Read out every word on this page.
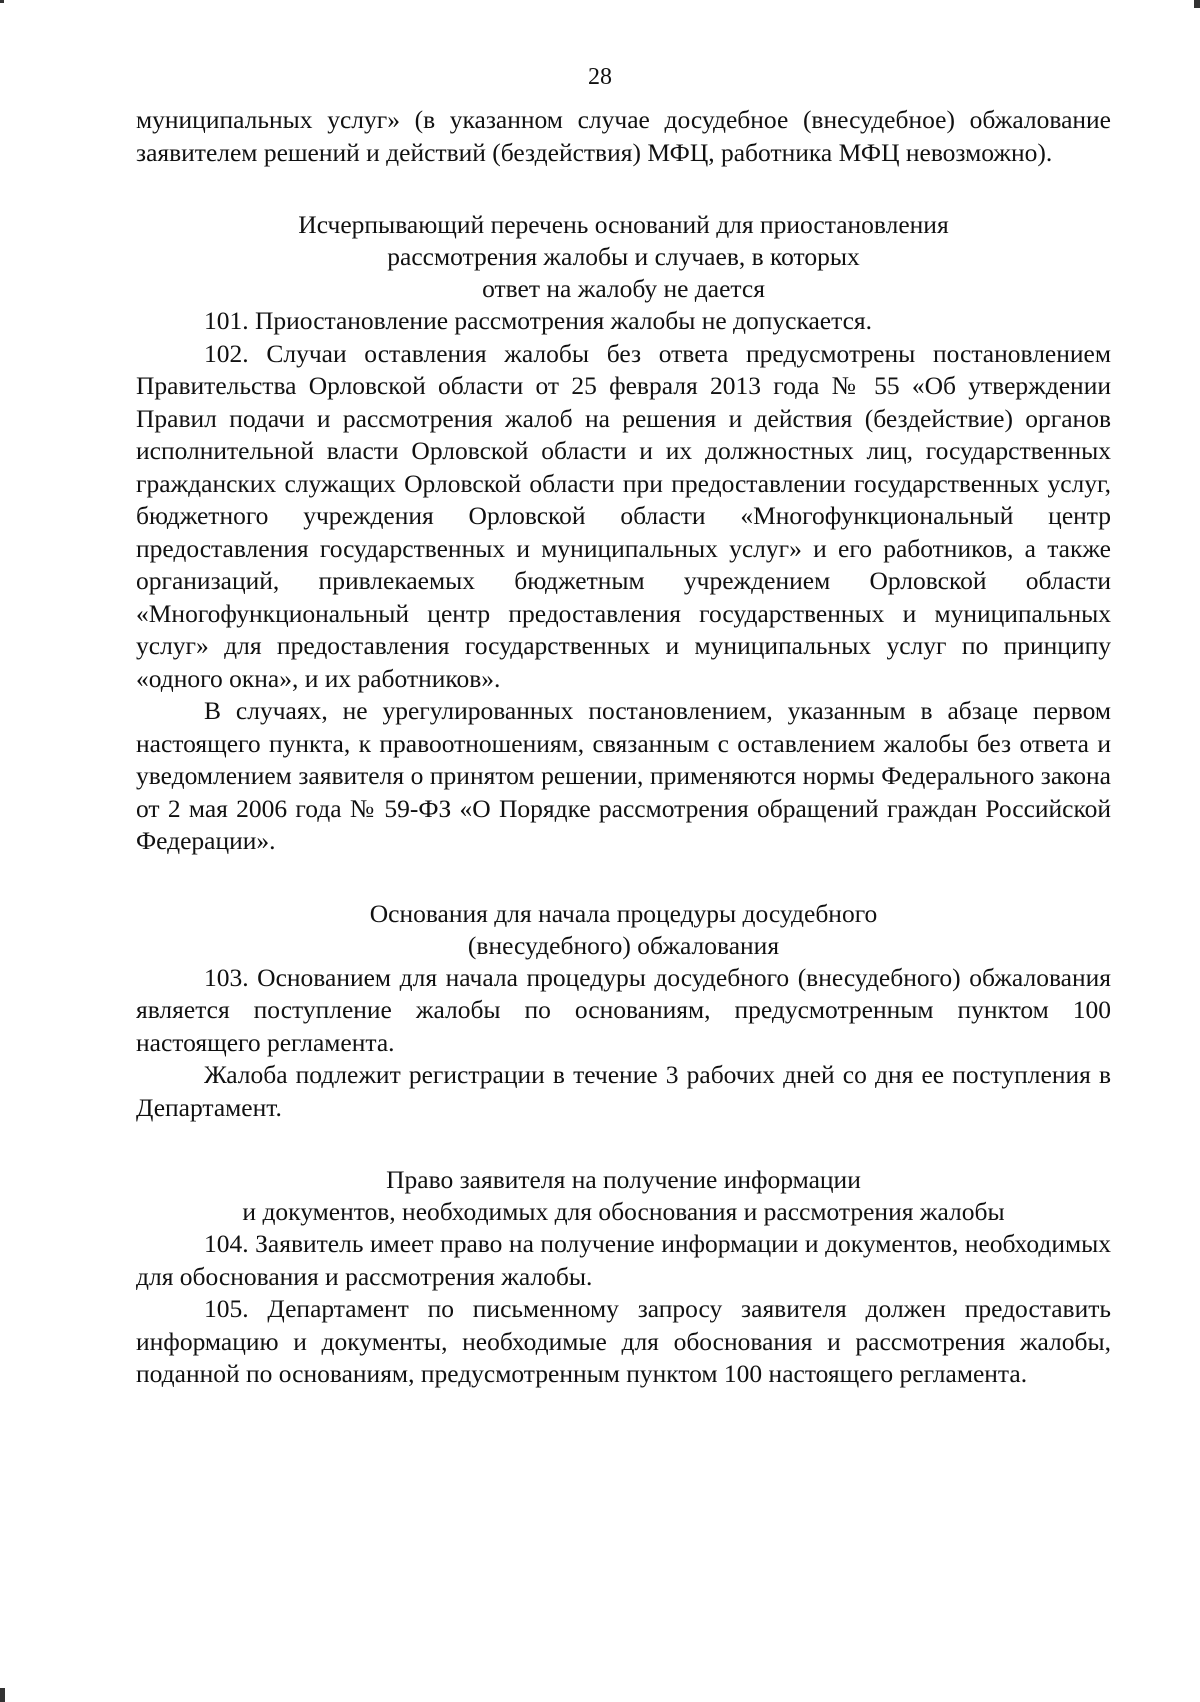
28

муниципальных услуг» (в указанном случае досудебное (внесудебное) обжалование заявителем решений и действий (бездействия) МФЦ, работника МФЦ невозможно).

Исчерпывающий перечень оснований для приостановления
рассмотрения жалобы и случаев, в которых
ответ на жалобу не дается

101. Приостановление рассмотрения жалобы не допускается.

102. Случаи оставления жалобы без ответа предусмотрены постановлением Правительства Орловской области от 25 февраля 2013 года № 55 «Об утверждении Правил подачи и рассмотрения жалоб на решения и действия (бездействие) органов исполнительной власти Орловской области и их должностных лиц, государственных гражданских служащих Орловской области при предоставлении государственных услуг, бюджетного учреждения Орловской области «Многофункциональный центр предоставления государственных и муниципальных услуг» и его работников, а также организаций, привлекаемых бюджетным учреждением Орловской области «Многофункциональный центр предоставления государственных и муниципальных услуг» для предоставления государственных и муниципальных услуг по принципу «одного окна», и их работников».

В случаях, не урегулированных постановлением, указанным в абзаце первом настоящего пункта, к правоотношениям, связанным с оставлением жалобы без ответа и уведомлением заявителя о принятом решении, применяются нормы Федерального закона от 2 мая 2006 года № 59-ФЗ «О Порядке рассмотрения обращений граждан Российской Федерации».

Основания для начала процедуры досудебного
(внесудебного) обжалования

103. Основанием для начала процедуры досудебного (внесудебного) обжалования является поступление жалобы по основаниям, предусмотренным пунктом 100 настоящего регламента.

Жалоба подлежит регистрации в течение 3 рабочих дней со дня ее поступления в Департамент.

Право заявителя на получение информации
и документов, необходимых для обоснования и рассмотрения жалобы

104. Заявитель имеет право на получение информации и документов, необходимых для обоснования и рассмотрения жалобы.

105. Департамент по письменному запросу заявителя должен предоставить информацию и документы, необходимые для обоснования и рассмотрения жалобы, поданной по основаниям, предусмотренным пунктом 100 настоящего регламента.
